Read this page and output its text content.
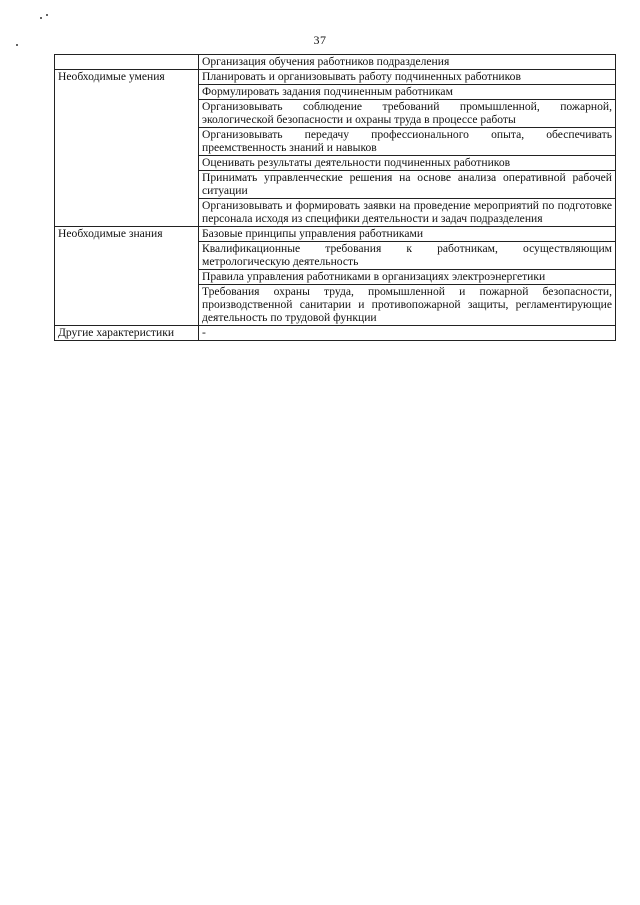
37
	Организация обучения работников подразделения
Необходимые умения	Планировать и организовывать работу подчиненных работников
	Формулировать задания подчиненным работникам
	Организовывать соблюдение требований промышленной, пожарной, экологической безопасности и охраны труда в процессе работы
	Организовывать передачу профессионального опыта, обеспечивать преемственность знаний и навыков
	Оценивать результаты деятельности подчиненных работников
	Принимать управленческие решения на основе анализа оперативной рабочей ситуации
	Организовывать и формировать заявки на проведение мероприятий по подготовке персонала исходя из специфики деятельности и задач подразделения
Необходимые знания	Базовые принципы управления работниками
	Квалификационные требования к работникам, осуществляющим метрологическую деятельность
	Правила управления работниками в организациях электроэнергетики
	Требования охраны труда, промышленной и пожарной безопасности, производственной санитарии и противопожарной защиты, регламентирующие деятельность по трудовой функции
Другие характеристики	-
